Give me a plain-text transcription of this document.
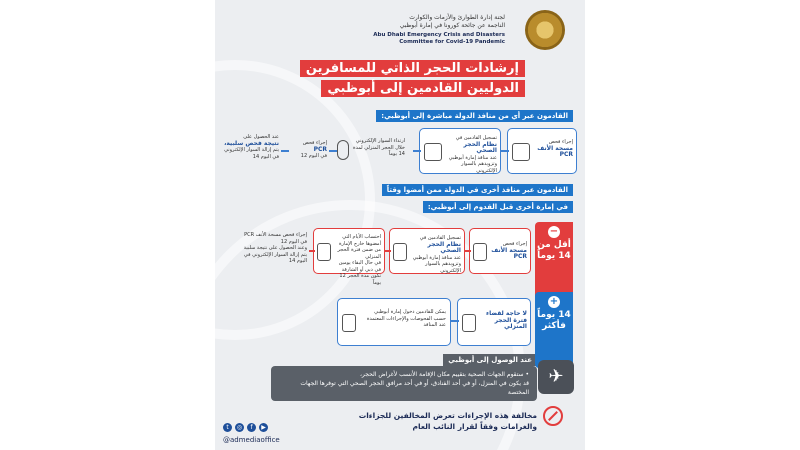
لجنة إدارة الطوارئ والأزمات والكوارث
الناجمة عن جائحة كورونا في إمارة أبوظبي
Abu Dhabi Emergency Crisis and Disasters
Committee for Covid-19 Pandemic
إرشادات الحجر الذاتي للمسافرين
الدوليين القادمين إلى أبوظبي
القادمون عبر أي من منافذ الدولة مباشرة إلى أبوظبي:
إجراء فحص
مسحة الأنف PCR
تسجيل القادمين في
نظام الحجر الصحي
عند منافذ إمارة أبوظبي وتزويدهم بالسوار الإلكتروني
ارتداء السوار الإلكتروني
خلال الحجر المنزلي لمدة 14 يوماً
إجراء فحص
PCR
في اليوم 12
عند الحصول على
نتيجة فحص سلبية،
يتم إزالة السوار الإلكتروني في اليوم 14
القادمون عبر منافذ أخرى في الدولة ممن أمضوا وقتاً
في إمارة أخرى قبل القدوم إلى أبوظبي:
إجراء فحص
مسحة الأنف PCR
تسجيل القادمين في
نظام الحجر الصحي
عند منافذ إمارة أبوظبي وتزويدهم بالسوار الإلكتروني
احتساب الأيام التي أمضوها خارج الإمارة من ضمن فترة الحجر المنزلي
في حال البقاء يومين في دبي أو الشارقة تكون مدة الحجر 12 يوماً
إجراء فحص مسحة الأنف PCR في اليوم 12
وعند الحصول على نتيجة سلبية يتم إزالة السوار الإلكتروني في اليوم 14
لا حاجة لقضاء فترة الحجر المنزلي
يمكن للقادمين دخول إمارة أبوظبي حسب الفحوصات والإجراءات المعتمدة عند المنافذ
عند الوصول إلى أبوظبي
• ستقوم الجهات الصحية بتقييم مكان الإقامة الأنسب لأغراض الحجر،
قد يكون في المنزل، أو في أحد الفنادق، أو في أحد مرافق الحجر الصحي التي توفرها الجهات المختصة
مخالفة هذه الإجراءات تعرض المخالفين للجزاءات
والغرامات وفقاً لقرار النائب العام
t	◎	f	▶
@admediaoffice
−
أقل من 14 يوماً
+
14 يوماً فأكثر
✈
